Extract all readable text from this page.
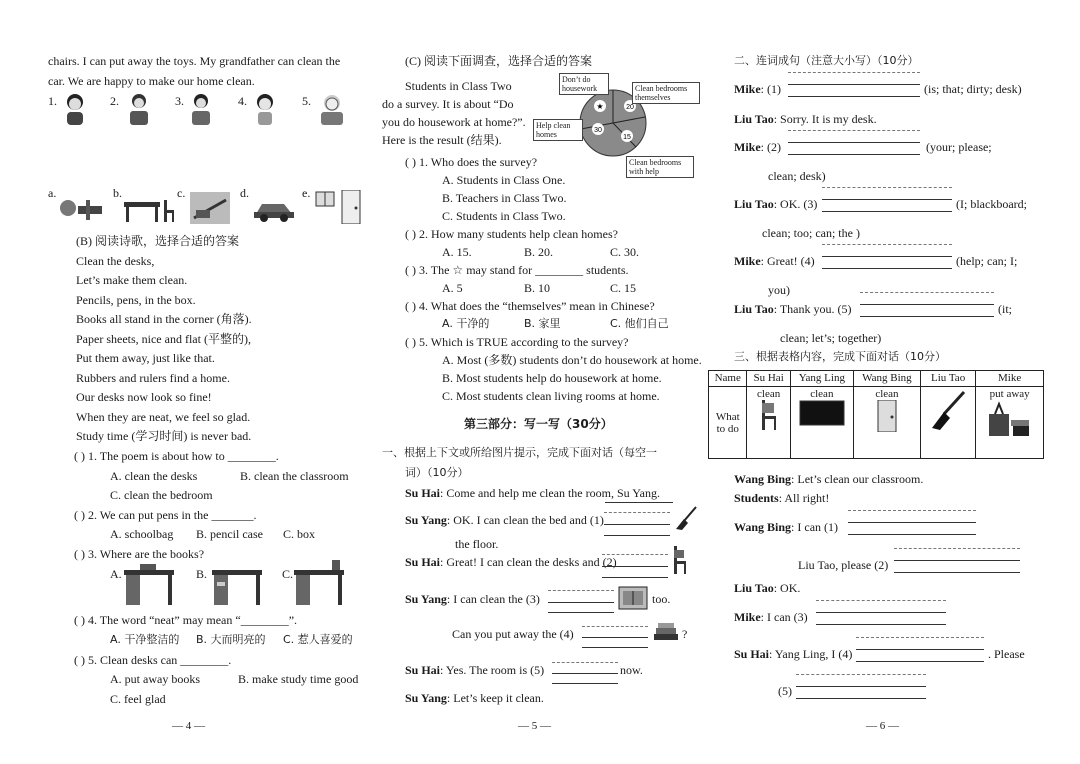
chairs. I can put away the toys. My grandfather can clean the
car. We are happy to make our home clean.
1.	2.	3.	4.	5.
a.	b.	c.	d.	e.
(B) 阅读诗歌，选择合适的答案
Clean the desks,
Let’s make them clean.
Pencils, pens, in the box.
Books all stand in the corner (角落).
Paper sheets, nice and flat (平整的),
Put them away, just like that.
Rubbers and rulers find a home.
Our desks now look so fine!
When they are neat, we feel so glad.
Study time (学习时间) is never bad.
( ) 1. The poem is about how to ________.
A. clean the desks	B. clean the classroom
C. clean the bedroom
( ) 2. We can put pens in the _______.
A. schoolbag B. pencil case C. box
( ) 3. Where are the books?
A.	B.	C.
( ) 4. The word “neat” may mean “________”.
A. 干净整洁的 B. 大而明亮的 C. 惹人喜爱的
( ) 5. Clean desks can ________.
A. put away books	B. make study time good
C. feel glad
— 4 —
(C) 阅读下面调查，选择合适的答案
Students in Class Two
do a survey. It is about “Do
you do housework at home?”.
Here is the result (结果).
20
30
15
★
Don’t do housework	Clean bedrooms themselves
Help clean homes
Clean bedrooms with help
( ) 1. Who does the survey?
A. Students in Class One.
B. Teachers in Class Two.
C. Students in Class Two.
( ) 2. How many students help clean homes?
A. 15.	B. 20.	C. 30.
( ) 3. The ☆ may stand for ________ students.
A. 5	B. 10	C. 15
( ) 4. What does the “themselves” mean in Chinese?
A. 干净的	B. 家里	C. 他们自己
( ) 5. Which is TRUE according to the survey?
A. Most (多数) students don’t do housework at home.
B. Most students help do housework at home.
C. Most students clean living rooms at home.
第三部分：写一写（30分）
一、根据上下文或所给图片提示，完成下面对话（每空一
词）（10分）
Su Hai: Come and help me clean the room, Su Yang.
Su Yang: OK. I can clean the bed and (1)
the floor.
Su Hai: Great! I can clean the desks and (2)
Su Yang: I can clean the (3)	too.
Can you put away the (4)	?
Su Hai: Yes. The room is (5)	now.
Su Yang: Let’s keep it clean.
— 5 —
二、连词成句（注意大小写）（10分）
Mike: (1)	(is; that; dirty; desk)
Liu Tao: Sorry. It is my desk.
Mike: (2)	(your; please;
clean; desk)
Liu Tao: OK. (3)	(I; blackboard;
clean; too; can; the )
Mike: Great! (4)	(help; can; I;
you)
Liu Tao: Thank you. (5)	(it;
clean; let’s; together)
三、根据表格内容，完成下面对话（10分）
Name	Su Hai	Yang Ling	Wang Bing	Liu Tao	Mike

What
to do	clean	clean	clean		put away
Wang Bing: Let’s clean our classroom.
Students: All right!
Wang Bing: I can (1)
Liu Tao, please (2)
Liu Tao: OK.
Mike: I can (3)
Su Hai: Yang Ling, I (4)	. Please
(5)
— 6 —
